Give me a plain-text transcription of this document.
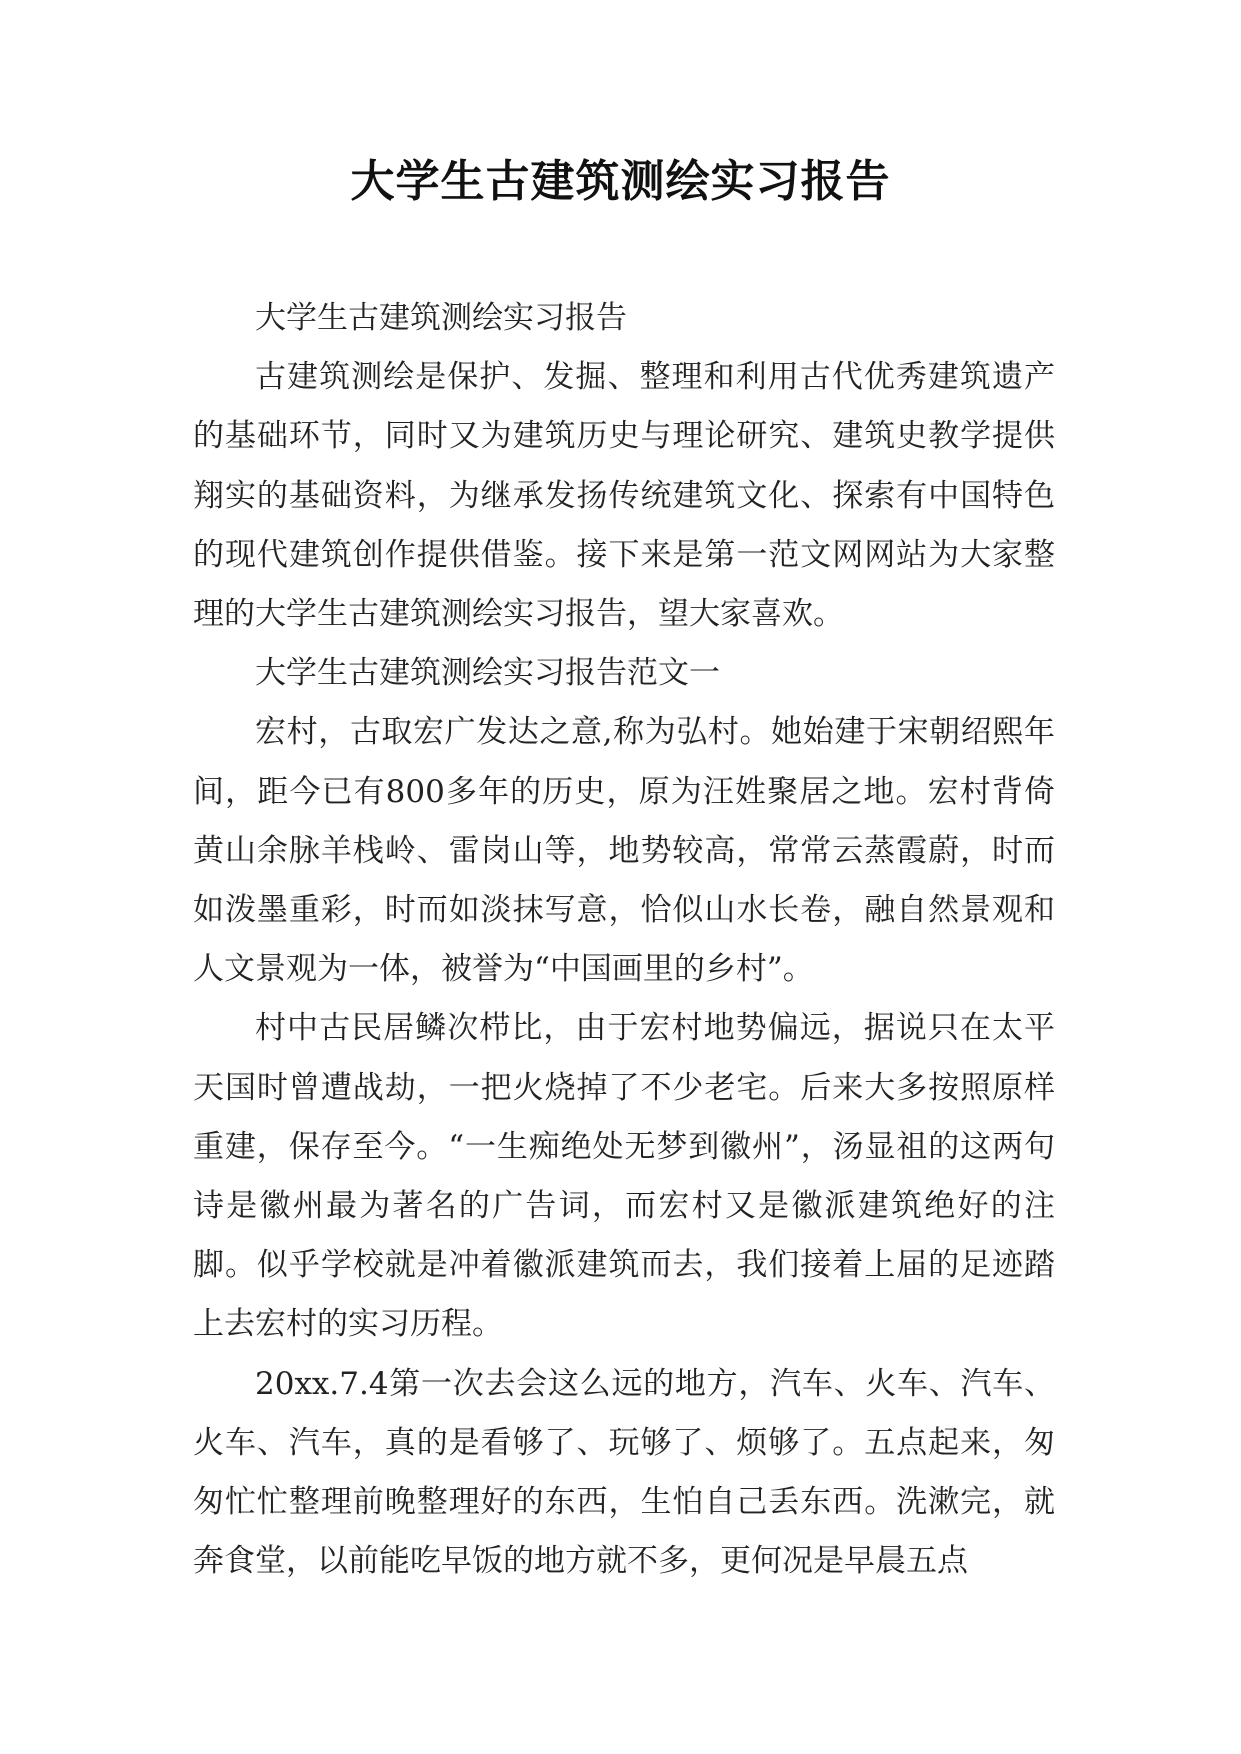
大学生古建筑测绘实习报告

大学生古建筑测绘实习报告

古建筑测绘是保护、发掘、整理和利用古代优秀建筑遗产的基础环节，同时又为建筑历史与理论研究、建筑史教学提供翔实的基础资料，为继承发扬传统建筑文化、探索有中国特色的现代建筑创作提供借鉴。接下来是第一范文网网站为大家整理的大学生古建筑测绘实习报告，望大家喜欢。

大学生古建筑测绘实习报告范文一

宏村，古取宏广发达之意,称为弘村。她始建于宋朝绍熙年间，距今已有800多年的历史，原为汪姓聚居之地。宏村背倚黄山余脉羊栈岭、雷岗山等，地势较高，常常云蒸霞蔚，时而如泼墨重彩，时而如淡抹写意，恰似山水长卷，融自然景观和人文景观为一体，被誉为“中国画里的乡村”。

村中古民居鳞次栉比，由于宏村地势偏远，据说只在太平天国时曾遭战劫，一把火烧掉了不少老宅。后来大多按照原样重建，保存至今。“一生痴绝处无梦到徽州”，汤显祖的这两句诗是徽州最为著名的广告词，而宏村又是徽派建筑绝好的注脚。似乎学校就是冲着徽派建筑而去，我们接着上届的足迹踏上去宏村的实习历程。

20xx.7.4第一次去会这么远的地方，汽车、火车、汽车、火车、汽车，真的是看够了、玩够了、烦够了。五点起来，匆匆忙忙整理前晚整理好的东西，生怕自己丢东西。洗漱完，就奔食堂，以前能吃早饭的地方就不多，更何况是早晨五点
